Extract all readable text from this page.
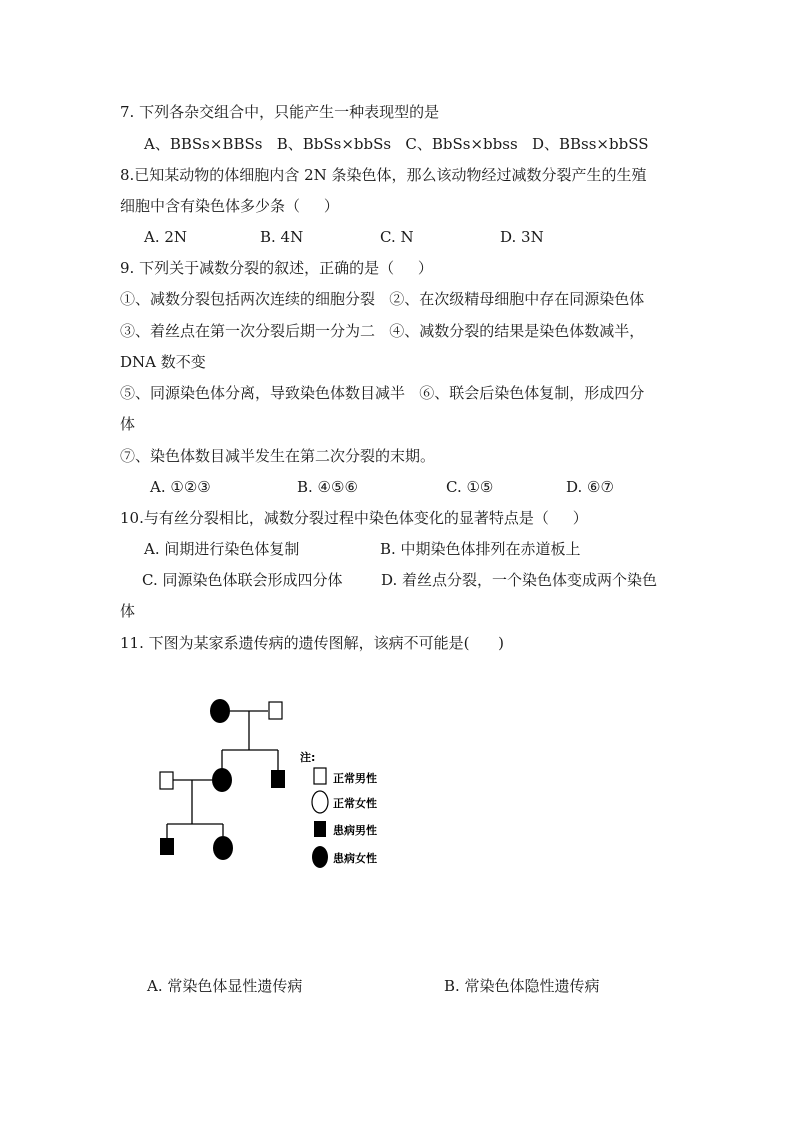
7. 下列各杂交组合中，只能产生一种表现型的是
A、BBSs×BBSs   B、BbSs×bbSs   C、BbSs×bbss   D、BBss×bbSS
8.已知某动物的体细胞内含 2N 条染色体，那么该动物经过减数分裂产生的生殖
细胞中含有染色体多少条（     ）
A. 2N	B. 4N	C. N	D. 3N
9. 下列关于减数分裂的叙述，正确的是（     ）
①、减数分裂包括两次连续的细胞分裂   ②、在次级精母细胞中存在同源染色体
③、着丝点在第一次分裂后期一分为二   ④、减数分裂的结果是染色体数减半，
DNA 数不变
⑤、同源染色体分离，导致染色体数目减半   ⑥、联会后染色体复制，形成四分
体
⑦、染色体数目减半发生在第二次分裂的末期。
A. ①②③	B. ④⑤⑥	C. ①⑤	D. ⑥⑦
10.与有丝分裂相比，减数分裂过程中染色体变化的显著特点是（     ）
A. 间期进行染色体复制	B. 中期染色体排列在赤道板上
C. 同源染色体联会形成四分体	D. 着丝点分裂，一个染色体变成两个染色
体
11. 下图为某家系遗传病的遗传图解，该病不可能是(      )
注:
正常男性
正常女性
患病男性
患病女性
A. 常染色体显性遗传病	B. 常染色体隐性遗传病
